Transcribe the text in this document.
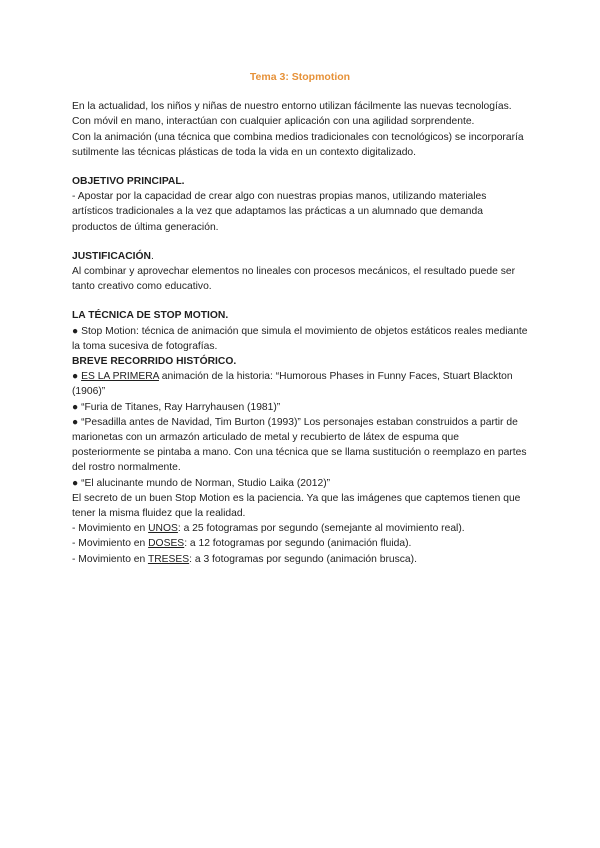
Tema 3: Stopmotion

En la actualidad, los niños y niñas de nuestro entorno utilizan fácilmente las nuevas tecnologías. Con móvil en mano, interactúan con cualquier aplicación con una agilidad sorprendente.

Con la animación (una técnica que combina medios tradicionales con tecnológicos) se incorporaría sutilmente las técnicas plásticas de toda la vida en un contexto digitalizado.

OBJETIVO PRINCIPAL.

- Apostar por la capacidad de crear algo con nuestras propias manos, utilizando materiales artísticos tradicionales a la vez que adaptamos las prácticas a un alumnado que demanda productos de última generación.

JUSTIFICACIÓN.

Al combinar y aprovechar elementos no lineales con procesos mecánicos, el resultado puede ser tanto creativo como educativo.

LA TÉCNICA DE STOP MOTION.

● Stop Motion: técnica de animación que simula el movimiento de objetos estáticos reales mediante la toma sucesiva de fotografías.

BREVE RECORRIDO HISTÓRICO.

● ES LA PRIMERA animación de la historia: “Humorous Phases in Funny Faces, Stuart Blackton (1906)”

● “Furia de Titanes, Ray Harryhausen (1981)”

● “Pesadilla antes de Navidad, Tim Burton (1993)” Los personajes estaban construidos a partir de marionetas con un armazón articulado de metal y recubierto de látex de espuma que posteriormente se pintaba a mano. Con una técnica que se llama sustitución o reemplazo en partes del rostro normalmente.

● “El alucinante mundo de Norman, Studio Laika (2012)”

El secreto de un buen Stop Motion es la paciencia. Ya que las imágenes que captemos tienen que tener la misma fluidez que la realidad.

- Movimiento en UNOS: a 25 fotogramas por segundo (semejante al movimiento real).

- Movimiento en DOSES: a 12 fotogramas por segundo (animación fluida).

- Movimiento en TRESES: a 3 fotogramas por segundo (animación brusca).
